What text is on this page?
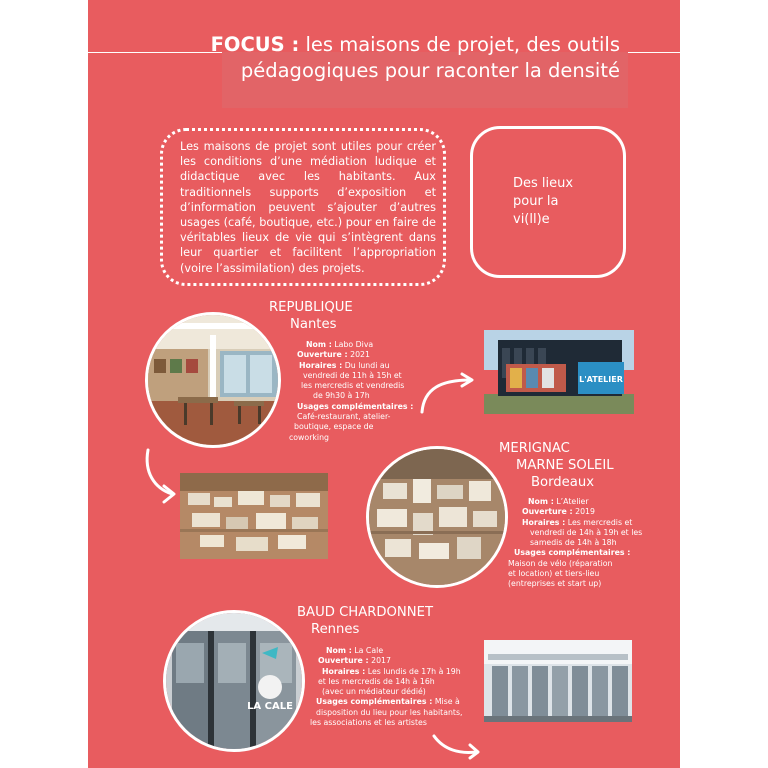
FOCUS : les maisons de projet, des outils
pédagogiques pour raconter la densité
Les maisons de projet sont utiles pour créer les conditions d’une médiation ludique et didactique avec les habitants. Aux traditionnels supports d’exposition et d’information peuvent s’ajouter d’autres usages (café, boutique, etc.) pour en faire de véritables lieux de vie qui s’intègrent dans leur quartier et facilitent l’appropriation (voire l’assimilation) des projets.
Des lieux
pour la
vi(ll)e
REPUBLIQUE
Nantes
Nom : Labo Diva
Ouverture : 2021
Horaires : Du lundi au
vendredi de 11h à 15h et
les mercredis et vendredis
de 9h30 à 17h
Usages complémentaires :
Café-restaurant, atelier-
boutique, espace de
coworking
L'ATELIER
MERIGNAC
MARNE SOLEIL
Bordeaux
Nom : L’Atelier
Ouverture : 2019
Horaires : Les mercredis et
vendredi de 14h à 19h et les
samedis de 14h à 18h
Usages complémentaires :
Maison de vélo (réparation
et location) et tiers-lieu
(entreprises et start up)
BAUD CHARDONNET
Rennes
LA CALE
Nom : La Cale
Ouverture : 2017
Horaires : Les lundis de 17h à 19h
et les mercredis de 14h à 16h
(avec un médiateur dédié)
Usages complémentaires : Mise à
disposition du lieu pour les habitants,
les associations et les artistes
